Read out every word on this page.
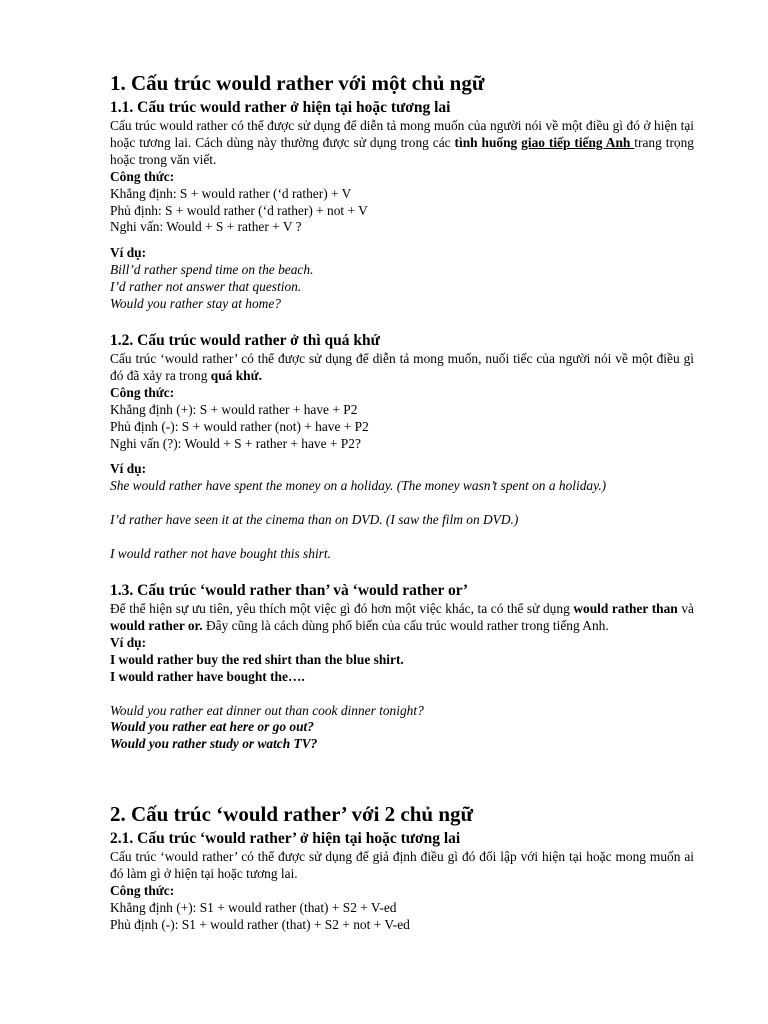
1. Cấu trúc would rather với một chủ ngữ
1.1. Cấu trúc would rather ở hiện tại hoặc tương lai

Cấu trúc would rather có thể được sử dụng để diễn tả mong muốn của người nói về một điều gì đó ở hiện tại hoặc tương lai. Cách dùng này thường được sử dụng trong các tình huống giao tiếp tiếng Anh trang trọng hoặc trong văn viết.

Công thức:

Khẳng định: S + would rather (‘d rather) + V

Phủ định: S + would rather (‘d rather) + not + V

Nghi vấn: Would + S + rather + V ?

Ví dụ:

Bill’d rather spend time on the beach.

I’d rather not answer that question.

Would you rather stay at home?

1.2. Cấu trúc would rather ở thì quá khứ

Cấu trúc ‘would rather’ có thể được sử dụng để diễn tả mong muốn, nuối tiếc của người nói về một điều gì đó đã xảy ra trong quá khứ.

Công thức:

Khẳng định (+): S + would rather + have + P2

Phủ định (-): S + would rather (not) + have + P2

Nghi vấn (?): Would + S + rather + have + P2?

Ví dụ:

She would rather have spent the money on a holiday. (The money wasn’t spent on a holiday.)

I’d rather have seen it at the cinema than on DVD. (I saw the film on DVD.)

I would rather not have bought this shirt.

1.3. Cấu trúc ‘would rather than’ và ‘would rather or’

Để thể hiện sự ưu tiên, yêu thích một việc gì đó hơn một việc khác, ta có thể sử dụng would rather than và would rather or. Đây cũng là cách dùng phổ biến của cấu trúc would rather trong tiếng Anh.

Ví dụ:

I would rather buy the red shirt than the blue shirt.

I would rather have bought the….

Would you rather eat dinner out than cook dinner tonight?

Would you rather eat here or go out?

Would you rather study or watch TV?

2. Cấu trúc ‘would rather’ với 2 chủ ngữ
2.1. Cấu trúc ‘would rather’ ở hiện tại hoặc tương lai

Cấu trúc ‘would rather’ có thể được sử dụng để giả định điều gì đó đối lập với hiện tại hoặc mong muốn ai đó làm gì ở hiện tại hoặc tương lai.

Công thức:

Khẳng định (+): S1 + would rather (that) + S2 + V-ed

Phủ định (-): S1 + would rather (that) + S2 + not + V-ed
